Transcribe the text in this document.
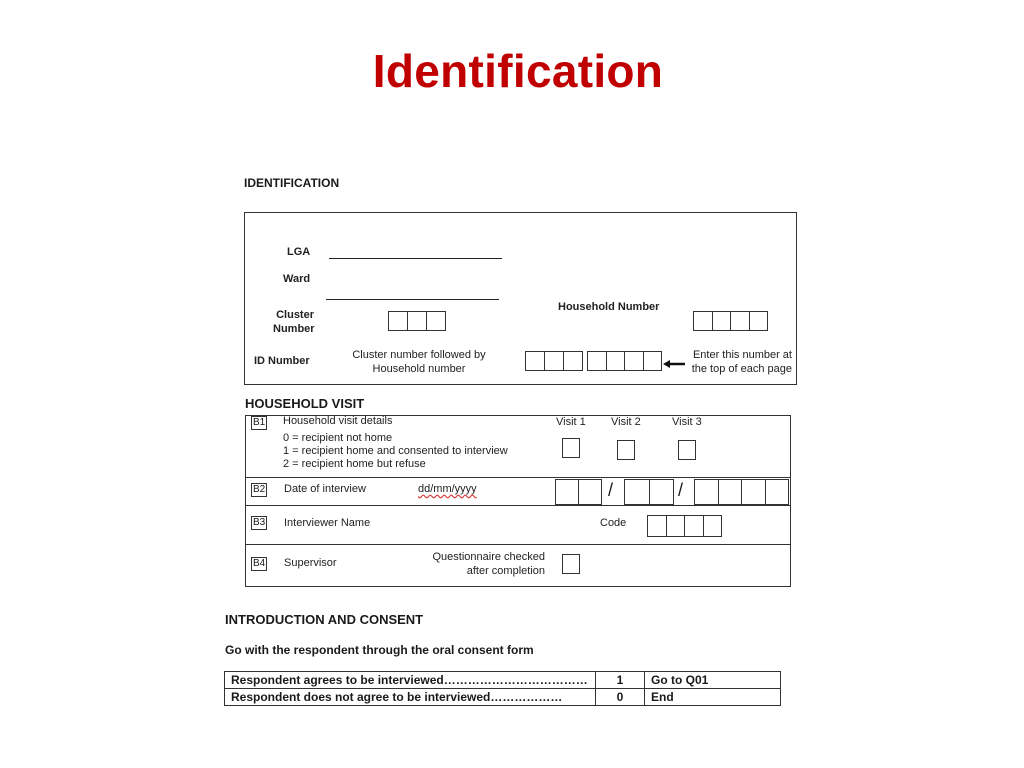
Identification
IDENTIFICATION
LGA
Ward
Cluster
Number
Household Number
ID Number	Cluster number followed by
Household number
Enter this number at
the top of each page
HOUSEHOLD VISIT
B1 Household visit details	Visit 1 Visit 2	Visit 3
0 = recipient not home
1 = recipient home and consented to interview
2 = recipient home but refuse
B2 Date of interview	dd/mm/yyyy	/	/
B3 Interviewer Name	Code
B4 Supervisor	Questionnaire checked
after completion
INTRODUCTION AND CONSENT
Go with the respondent through the oral consent form
Respondent agrees to be interviewed………………………………	1	Go to Q01
Respondent does not agree to be interviewed………………	0	End
